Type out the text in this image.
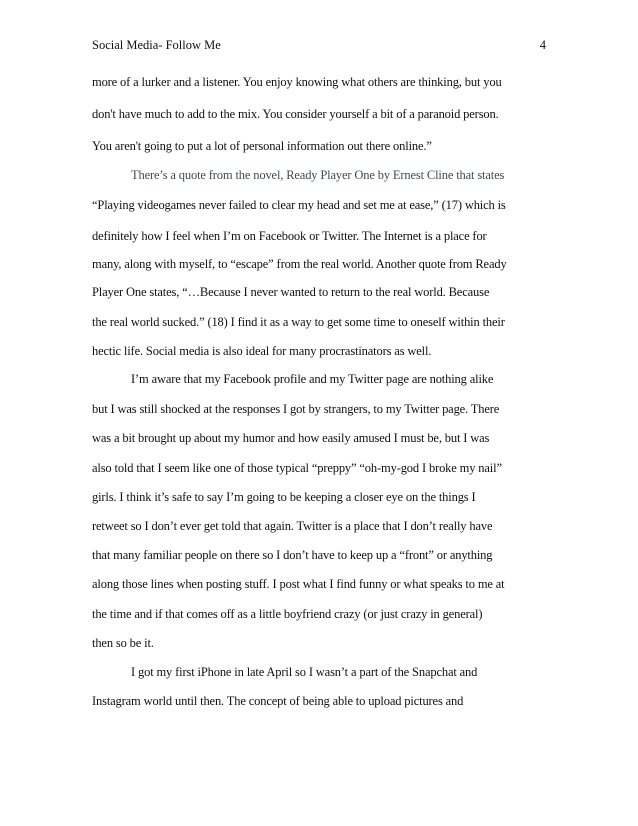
Social Media- Follow Me	4
more of a lurker and a listener. You enjoy knowing what others are thinking, but you
don't have much to add to the mix. You consider yourself a bit of a paranoid person.
You aren't going to put a lot of personal information out there online.”
There’s a quote from the novel, Ready Player One by Ernest Cline that states
“Playing videogames never failed to clear my head and set me at ease,” (17) which is
definitely how I feel when I’m on Facebook or Twitter. The Internet is a place for
many, along with myself, to “escape” from the real world. Another quote from Ready
Player One states, “…Because I never wanted to return to the real world. Because
the real world sucked.” (18) I find it as a way to get some time to oneself within their
hectic life. Social media is also ideal for many procrastinators as well.
I’m aware that my Facebook profile and my Twitter page are nothing alike
but I was still shocked at the responses I got by strangers, to my Twitter page. There
was a bit brought up about my humor and how easily amused I must be, but I was
also told that I seem like one of those typical “preppy” “oh-my-god I broke my nail”
girls. I think it’s safe to say I’m going to be keeping a closer eye on the things I
retweet so I don’t ever get told that again. Twitter is a place that I don’t really have
that many familiar people on there so I don’t have to keep up a “front” or anything
along those lines when posting stuff. I post what I find funny or what speaks to me at
the time and if that comes off as a little boyfriend crazy (or just crazy in general)
then so be it.
I got my first iPhone in late April so I wasn’t a part of the Snapchat and
Instagram world until then. The concept of being able to upload pictures and
